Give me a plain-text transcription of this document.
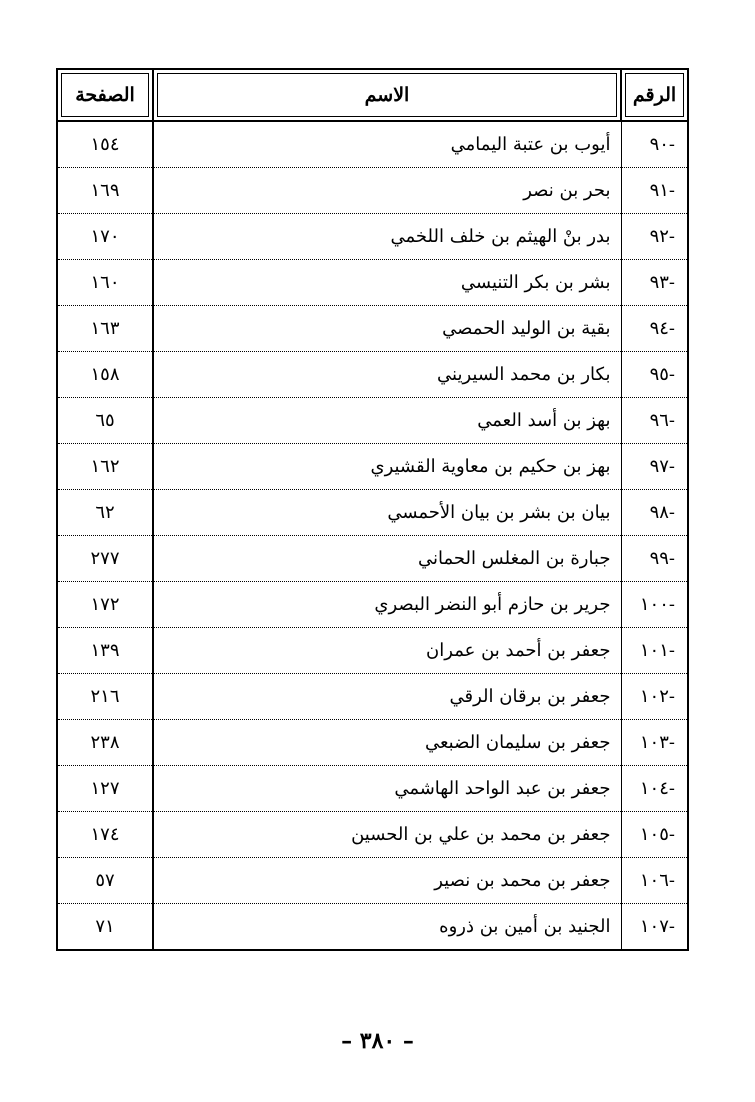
الرقم	الاسم	الصفحة
-٩٠	أيوب بن عتبة اليمامي	١٥٤
-٩١	بحر بن نصر	١٦٩
-٩٢	بدر بنْ الهيثم بن خلف اللخمي	١٧٠
-٩٣	بشر بن بكر التنيسي	١٦٠
-٩٤	بقية بن الوليد الحمصي	١٦٣
-٩٥	بكار بن محمد السيريني	١٥٨
-٩٦	بهز بن أسد العمي	٦٥
-٩٧	بهز بن حكيم بن معاوية القشيري	١٦٢
-٩٨	بيان بن بشر بن بيان الأحمسي	٦٢
-٩٩	جبارة بن المغلس الحماني	٢٧٧
-١٠٠	جرير بن حازم أبو النضر البصري	١٧٢
-١٠١	جعفر بن أحمد بن عمران	١٣٩
-١٠٢	جعفر بن برقان الرقي	٢١٦
-١٠٣	جعفر بن سليمان الضبعي	٢٣٨
-١٠٤	جعفر بن عبد الواحد الهاشمي	١٢٧
-١٠٥	جعفر بن محمد بن علي بن الحسين	١٧٤
-١٠٦	جعفر بن محمد بن نصير	٥٧
-١٠٧	الجنيد بن أمين بن ذروه	٧١
– ٣٨٠ –
